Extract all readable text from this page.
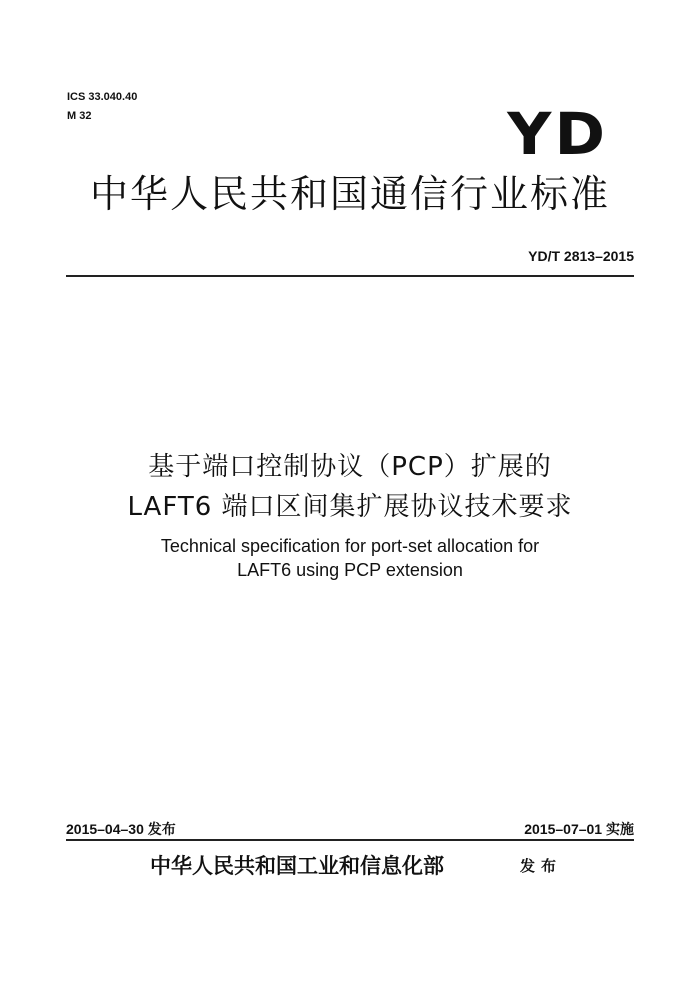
ICS 33.040.40
M 32	YD
中华人民共和国通信行业标准
YD/T 2813–2015
基于端口控制协议（PCP）扩展的
LAFT6 端口区间集扩展协议技术要求
Technical specification for port-set allocation for
LAFT6 using PCP extension
2015–04–30 发布	2015–07–01 实施
中华人民共和国工业和信息化部	发布
